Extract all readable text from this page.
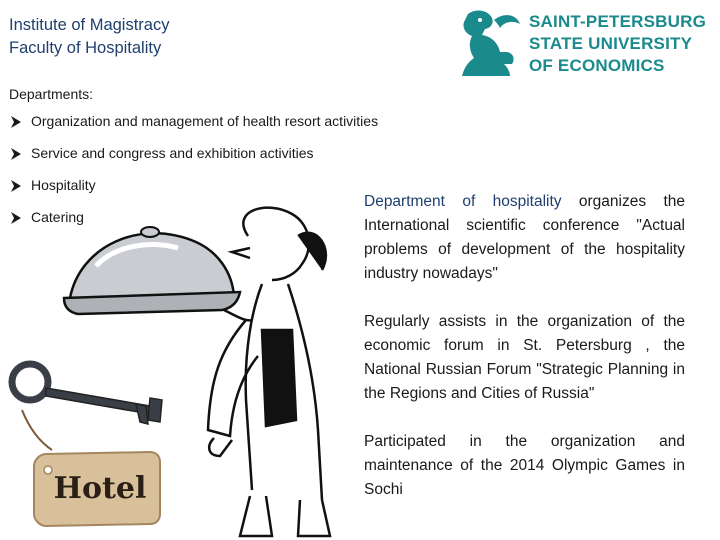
Institute of Magistracy
Faculty of Hospitality
SAINT-PETERSBURG
STATE UNIVERSITY
OF ECONOMICS
Departments:
Organization and management of health resort activities
Service and congress and exhibition activities
Hospitality
Catering
Hotel

Department of hospitality organizes the International scientific conference "Actual problems of development of the hospitality industry nowadays"

Regularly assists in the organization of the economic forum in St. Petersburg , the National Russian Forum "Strategic Planning in the Regions and Cities of Russia"

Participated in the organization and maintenance of the 2014 Olympic Games in Sochi
